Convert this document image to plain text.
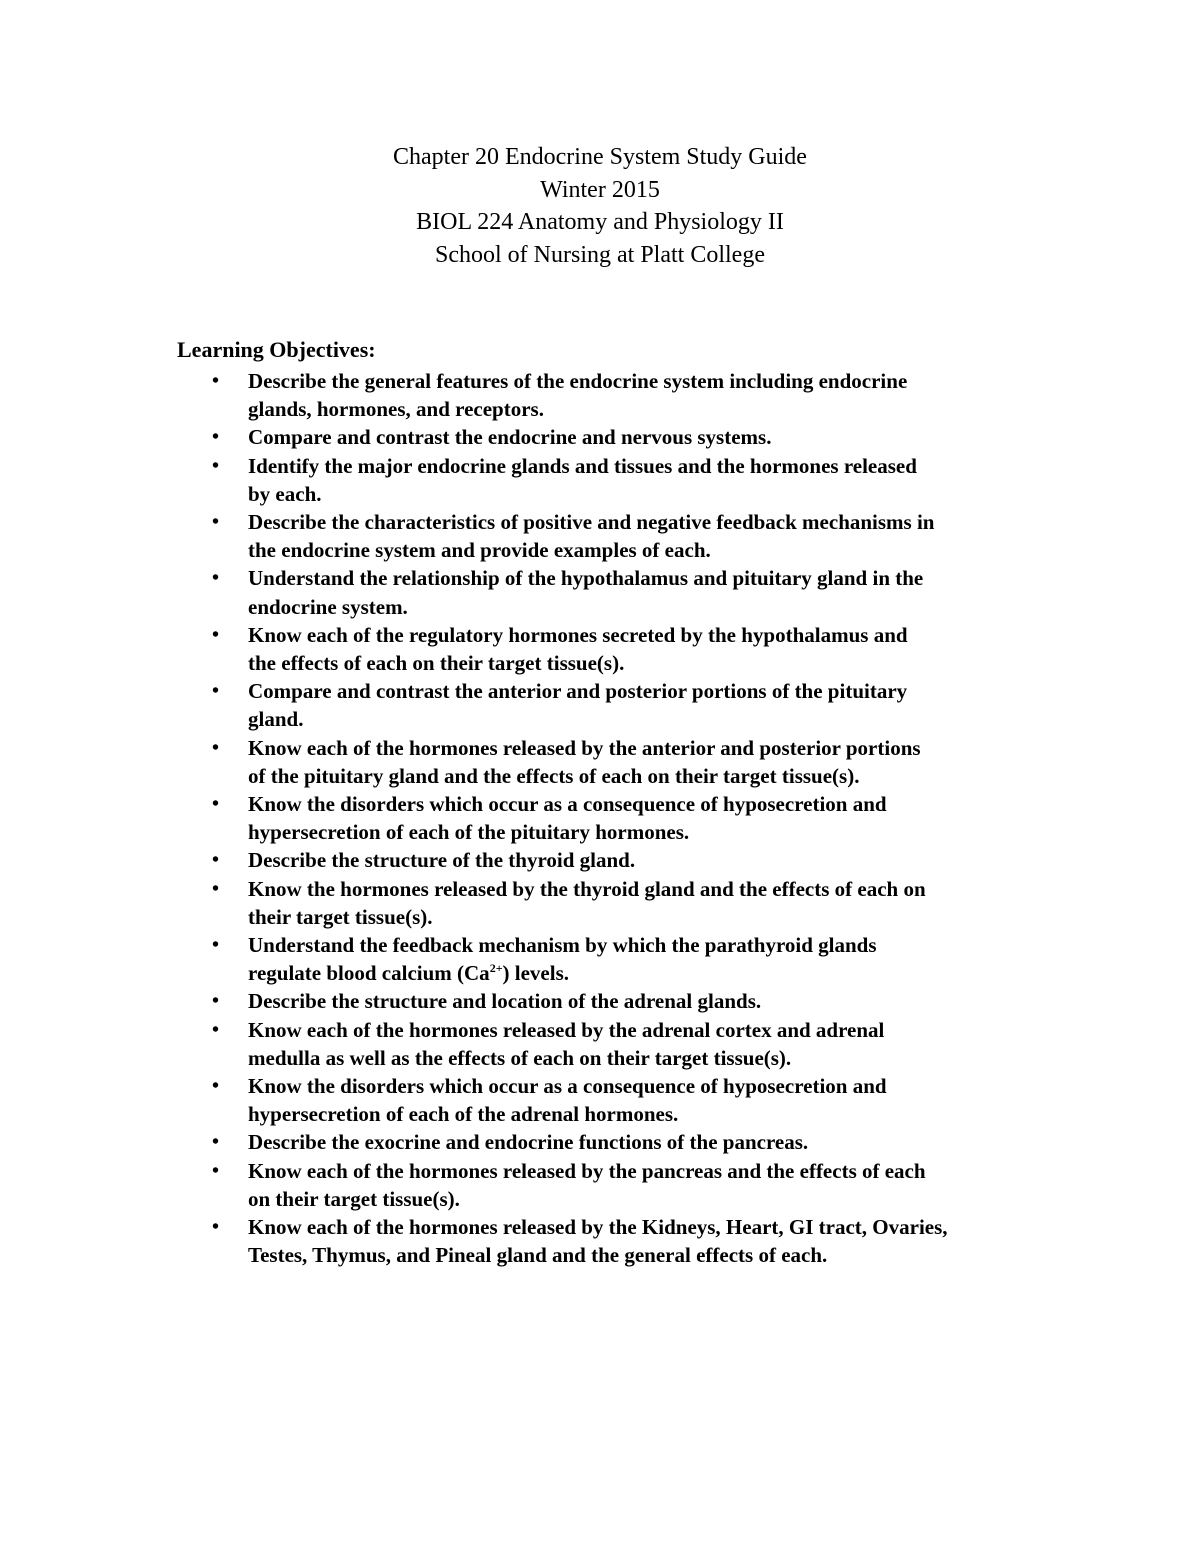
Chapter 20 Endocrine System Study Guide
Winter 2015
BIOL 224 Anatomy and Physiology II
School of Nursing at Platt College
Learning Objectives:
• Describe the general features of the endocrine system including endocrine
glands, hormones, and receptors.
• Compare and contrast the endocrine and nervous systems.
• Identify the major endocrine glands and tissues and the hormones released
by each.
• Describe the characteristics of positive and negative feedback mechanisms in
the endocrine system and provide examples of each.
• Understand the relationship of the hypothalamus and pituitary gland in the
endocrine system.
• Know each of the regulatory hormones secreted by the hypothalamus and
the effects of each on their target tissue(s).
• Compare and contrast the anterior and posterior portions of the pituitary
gland.
• Know each of the hormones released by the anterior and posterior portions
of the pituitary gland and the effects of each on their target tissue(s).
• Know the disorders which occur as a consequence of hyposecretion and
hypersecretion of each of the pituitary hormones.
• Describe the structure of the thyroid gland.
• Know the hormones released by the thyroid gland and the effects of each on
their target tissue(s).
• Understand the feedback mechanism by which the parathyroid glands
regulate blood calcium $(Ca^{2+})$ levels.
• Describe the structure and location of the adrenal glands.
• Know each of the hormones released by the adrenal cortex and adrenal
medulla as well as the effects of each on their target tissue(s).
• Know the disorders which occur as a consequence of hyposecretion and
hypersecretion of each of the adrenal hormones.
• Describe the exocrine and endocrine functions of the pancreas.
• Know each of the hormones released by the pancreas and the effects of each
on their target tissue(s).
• Know each of the hormones released by the Kidneys, Heart, GI tract, Ovaries,
Testes, Thymus, and Pineal gland and the general effects of each.
